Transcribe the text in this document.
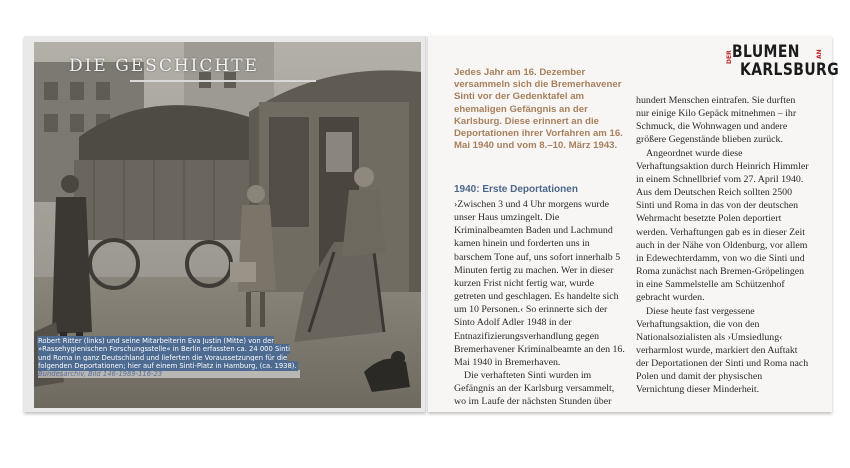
DIE GESCHICHTE
Robert Ritter (links) und seine Mitarbeiterin Eva Justin (Mitte) von der »Rassehygienischen Forschungsstelle« in Berlin erfassten ca. 24 000 Sinti und Roma in ganz Deutschland und lieferten die Voraussetzungen für die folgenden Deportationen; hier auf einem Sinti-Platz in Hamburg, (ca. 1938).
Bundesarchiv, Bild 146-1989-116-23
DER BLUMEN	AN
KARLSBURG
Jedes Jahr am 16. Dezember versammeln sich die Bremerhavener Sinti vor der Gedenktafel am ehemaligen Gefängnis an der Karlsburg. Diese erinnert an die Deportationen ihrer Vorfahren am 16. Mai 1940 und vom 8.–10. März 1943.
1940: Erste Deportationen

›Zwischen 3 und 4 Uhr morgens wurde unser Haus umzingelt. Die Kriminalbeamten Baden und Lachmund kamen hinein und forderten uns in barschem Tone auf, uns sofort innerhalb 5 Minuten fertig zu machen. Wer in dieser kurzen Frist nicht fertig war, wurde getreten und geschlagen. Es handelte sich um 10 Personen.‹ So erinnerte sich der Sinto Adolf Adler 1948 in der Entnazifizierungsverhandlung gegen Bremerhavener Kriminalbeamte an den 16. Mai 1940 in Bremerhaven.

Die verhafteten Sinti wurden im Gefängnis an der Karlsburg versammelt, wo im Laufe der nächsten Stunden über

hundert Menschen eintrafen. Sie durften nur einige Kilo Gepäck mitnehmen – ihr Schmuck, die Wohnwagen und andere größere Gegenstände blieben zurück.

Angeordnet wurde diese Verhaftungsaktion durch Heinrich Himmler in einem Schnellbrief vom 27. April 1940. Aus dem Deutschen Reich sollten 2500 Sinti und Roma in das von der deutschen Wehrmacht besetzte Polen deportiert werden. Verhaftungen gab es in dieser Zeit auch in der Nähe von Oldenburg, vor allem in Edewechterdamm, von wo die Sinti und Roma zunächst nach Bremen-Gröpelingen in eine Sammelstelle am Schützenhof gebracht wurden.

Diese heute fast vergessene Verhaftungsaktion, die von den Nationalsozialisten als ›Umsiedlung‹ verharmlost wurde, markiert den Auftakt der Deportationen der Sinti und Roma nach Polen und damit der physischen Vernichtung dieser Minderheit.
